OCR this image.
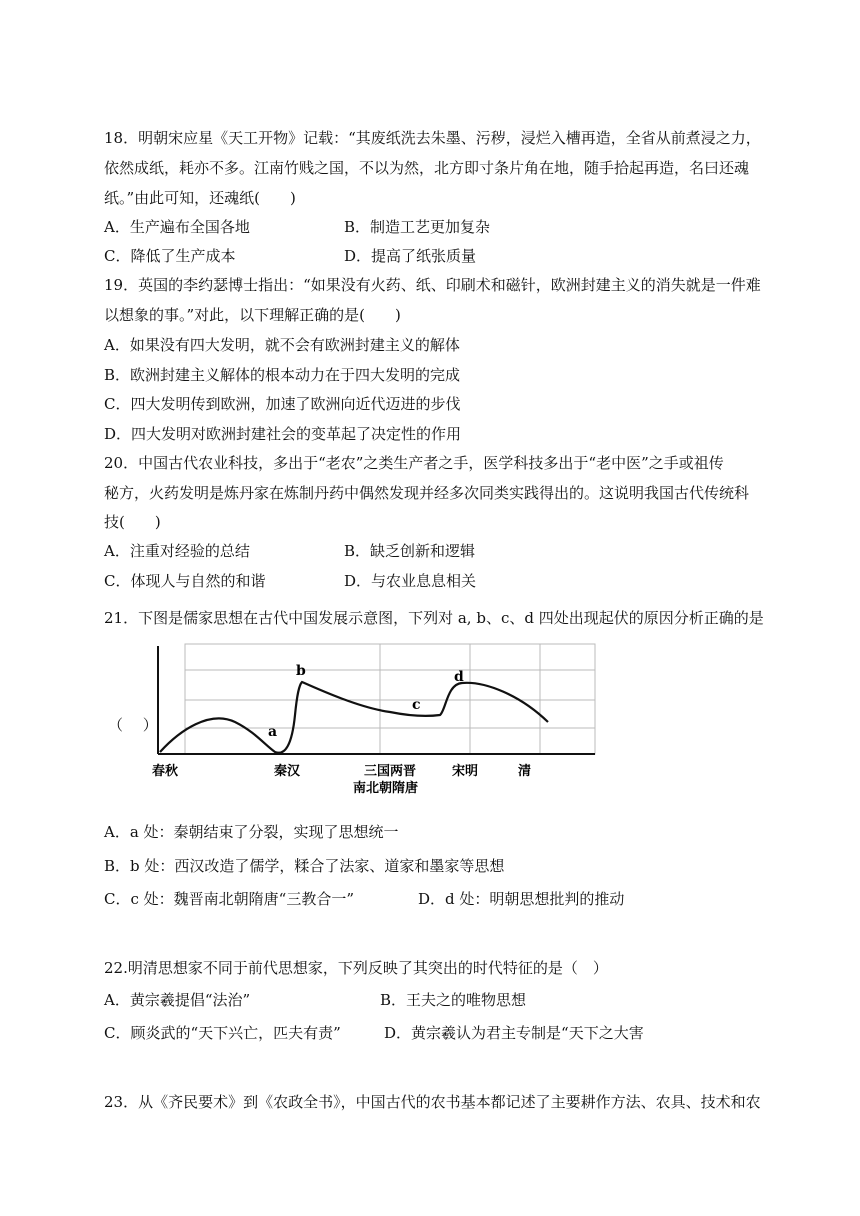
18．明朝宋应星《天工开物》记载：“其废纸洗去朱墨、污秽，浸烂入槽再造，全省从前煮浸之力，
依然成纸，耗亦不多。江南竹贱之国，不以为然，北方即寸条片角在地，随手拾起再造，名曰还魂
纸。”由此可知，还魂纸(　　)
A．生产遍布全国各地	B．制造工艺更加复杂
C．降低了生产成本	D．提高了纸张质量
19．英国的李约瑟博士指出：“如果没有火药、纸、印刷术和磁针，欧洲封建主义的消失就是一件难
以想象的事。”对此，以下理解正确的是(　　)
A．如果没有四大发明，就不会有欧洲封建主义的解体
B．欧洲封建主义解体的根本动力在于四大发明的完成
C．四大发明传到欧洲，加速了欧洲向近代迈进的步伐
D．四大发明对欧洲封建社会的变革起了决定性的作用
20．中国古代农业科技，多出于“老农”之类生产者之手，医学科技多出于“老中医”之手或祖传
秘方，火药发明是炼丹家在炼制丹药中偶然发现并经多次同类实践得出的。这说明我国古代传统科
技(　　)
A．注重对经验的总结	B．缺乏创新和逻辑
C．体现人与自然的和谐	D．与农业息息相关
21．下图是儒家思想在古代中国发展示意图，下列对 a, b、c、d 四处出现起伏的原因分析正确的是
（　 ）	a
b
c
d
春秋	秦汉	三国两晋
南北朝隋唐
宋明	清
A．a 处：秦朝结束了分裂，实现了思想统一
B．b 处：西汉改造了儒学，糅合了法家、道家和墨家等思想
C．c 处：魏晋南北朝隋唐“三教合一”	D．d 处：明朝思想批判的推动
22.明清思想家不同于前代思想家，下列反映了其突出的时代特征的是（　）
A．黄宗羲提倡“法治”	B．王夫之的唯物思想
C．顾炎武的“天下兴亡，匹夫有责”	D．黄宗羲认为君主专制是“天下之大害
23．从《齐民要术》到《农政全书》，中国古代的农书基本都记述了主要耕作方法、农具、技术和农
